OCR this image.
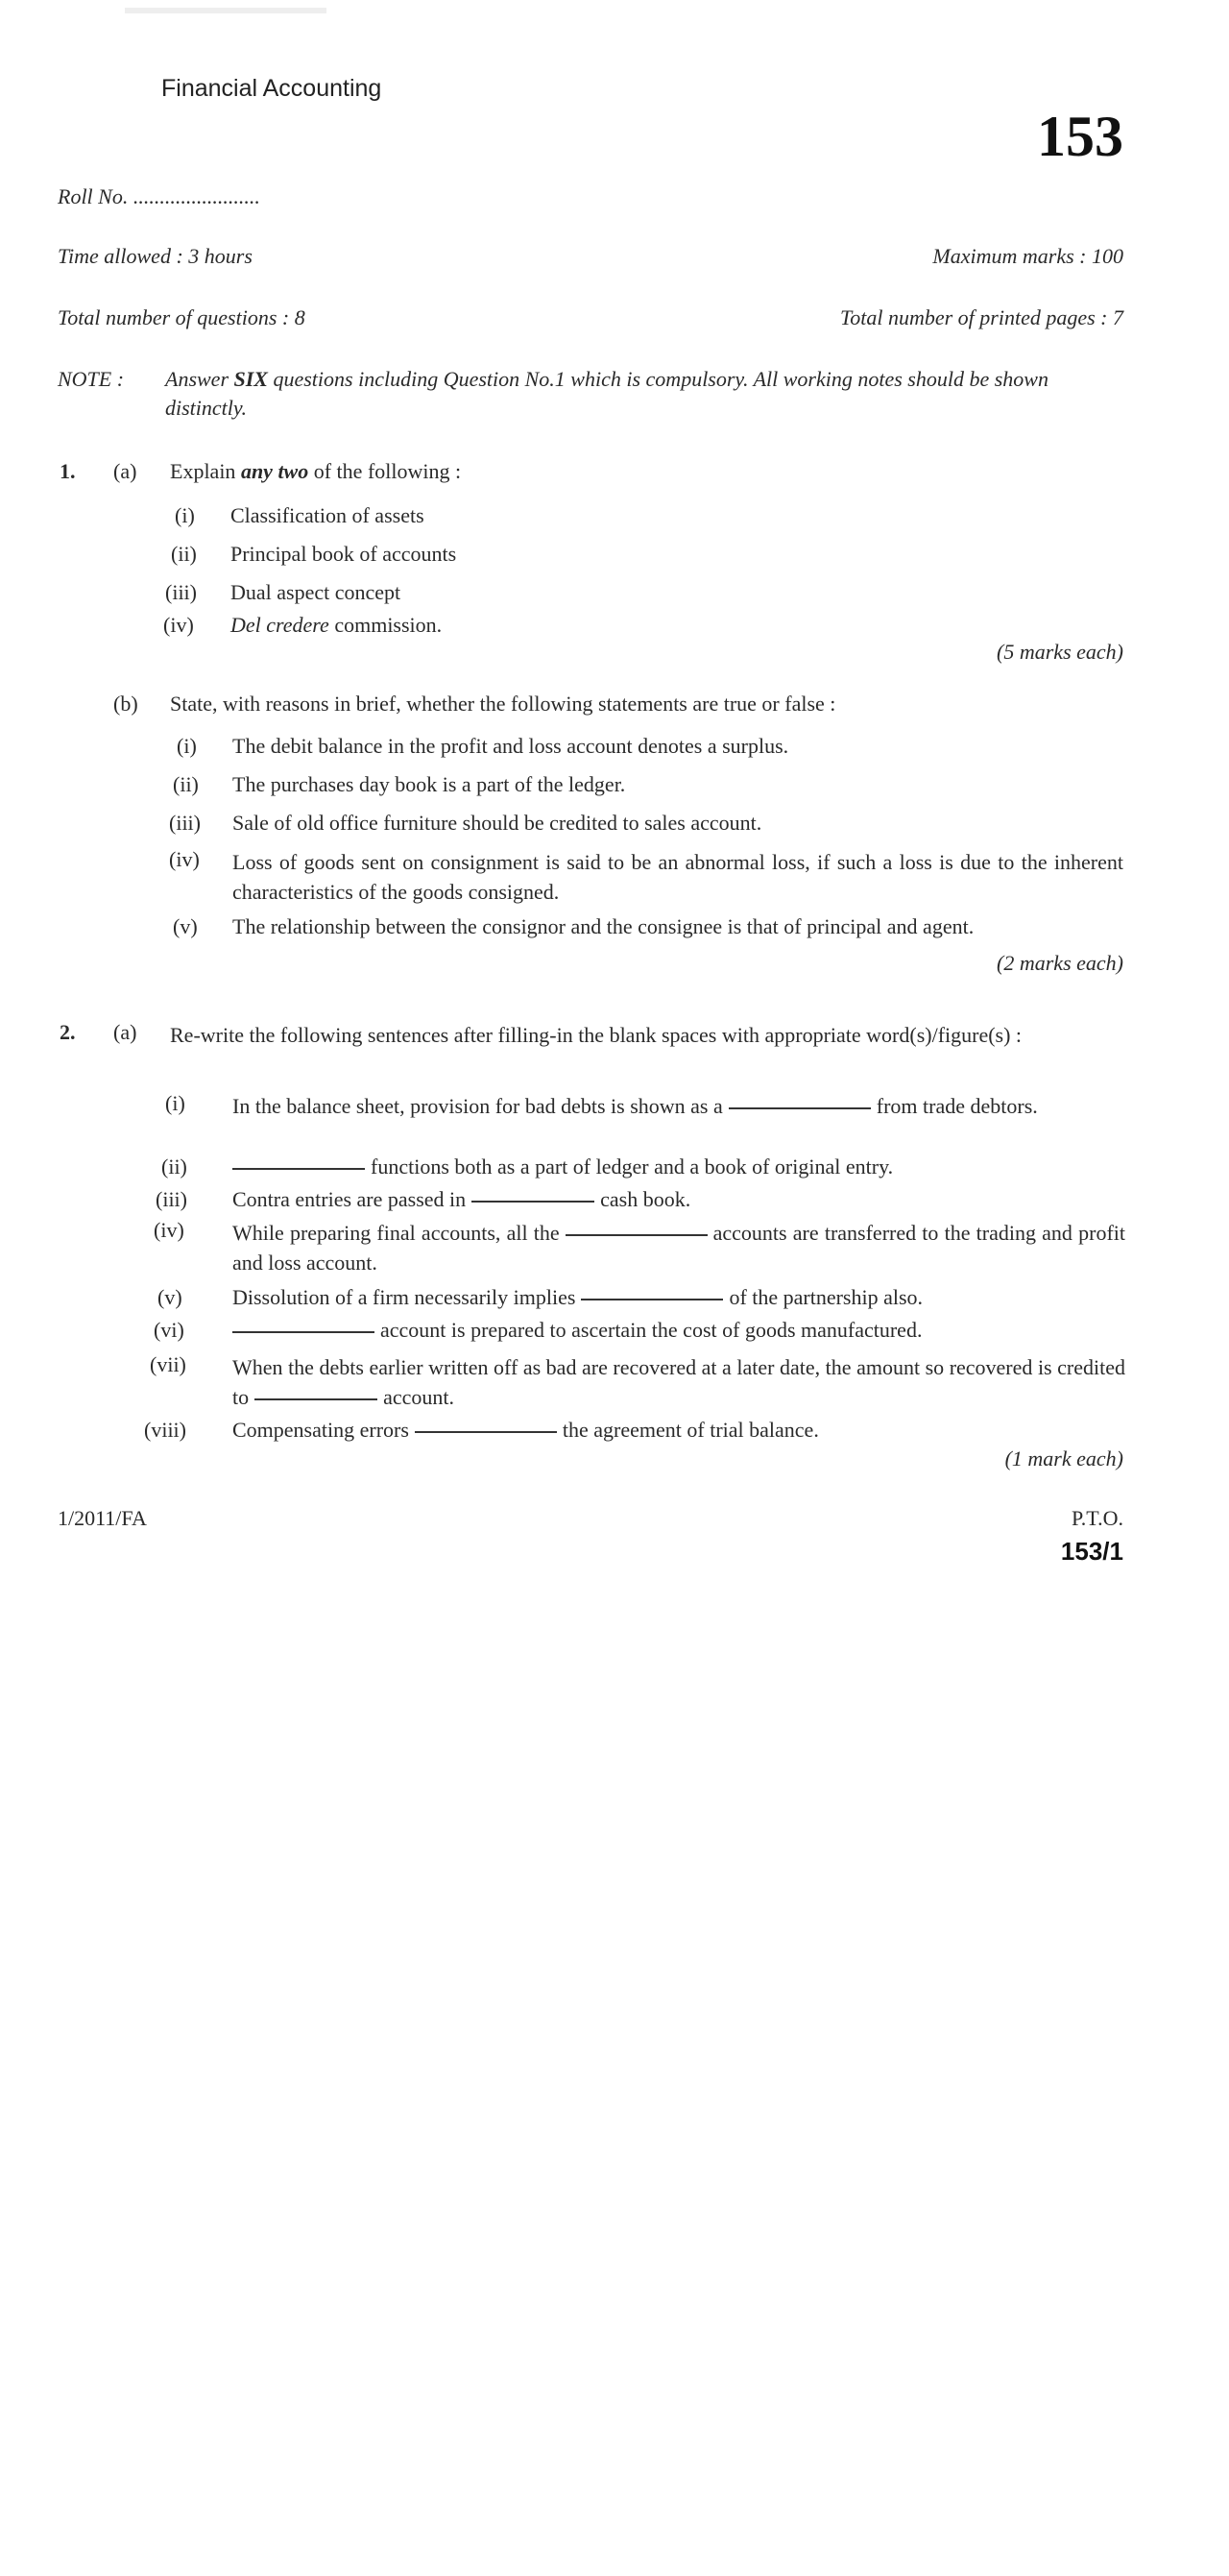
Financial Accounting
153
Roll No. ........................
Time allowed : 3 hours	Maximum marks : 100
Total number of questions : 8	Total number of printed pages : 7
NOTE : Answer SIX questions including Question No.1 which is compulsory. All working notes should be shown distinctly.
1. (a) Explain any two of the following :
(i) Classification of assets
(ii) Principal book of accounts
(iii) Dual aspect concept
(iv) Del credere commission.
(5 marks each)
(b) State, with reasons in brief, whether the following statements are true or false :
(i) The debit balance in the profit and loss account denotes a surplus.
(ii) The purchases day book is a part of the ledger.
(iii) Sale of old office furniture should be credited to sales account.
(iv) Loss of goods sent on consignment is said to be an abnormal loss, if such a loss is due to the inherent characteristics of the goods consigned.
(v) The relationship between the consignor and the consignee is that of principal and agent.
(2 marks each)
2. (a) Re-write the following sentences after filling-in the blank spaces with appropriate word(s)/figure(s) :
(i) In the balance sheet, provision for bad debts is shown as a	from trade debtors.
(ii)	functions both as a part of ledger and a book of original entry.
(iii) Contra entries are passed in	cash book.
(iv) While preparing final accounts, all the	accounts are transferred to the trading and profit and loss account.
(v) Dissolution of a firm necessarily implies	of the partnership also.
(vi)	account is prepared to ascertain the cost of goods manufactured.
(vii) When the debts earlier written off as bad are recovered at a later date, the amount so recovered is credited to	account.
(viii) Compensating errors	the agreement of trial balance.
(1 mark each)
1/2011/FA	P.T.O.
153/1
